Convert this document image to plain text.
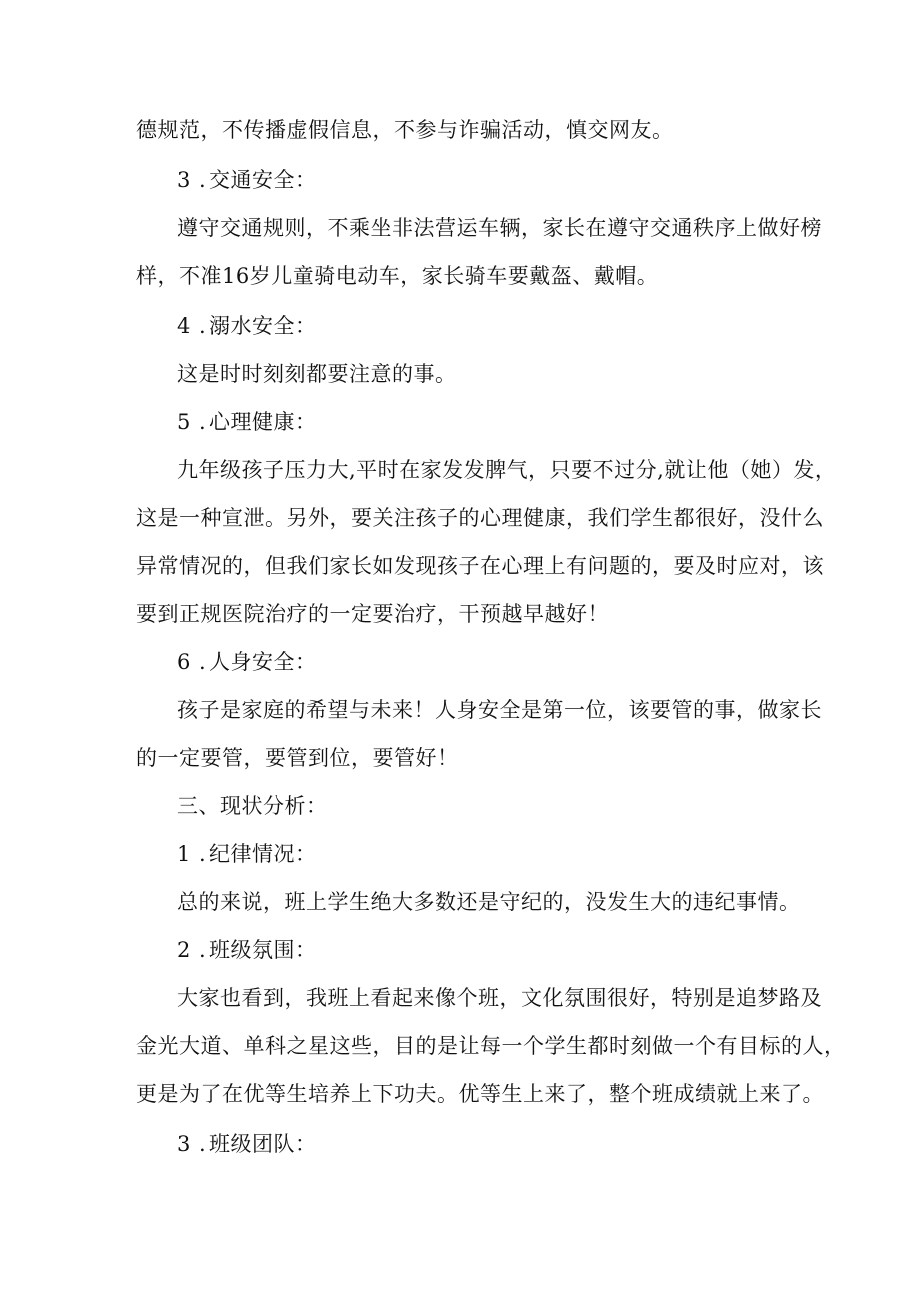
德规范，不传播虚假信息，不参与诈骗活动，慎交网友。

3 . 交通安全：

遵守交通规则，不乘坐非法营运车辆，家长在遵守交通秩序上做好榜

样，不准16岁儿童骑电动车，家长骑车要戴盔、戴帽。

4 . 溺水安全：

这是时时刻刻都要注意的事。

5 . 心理健康：

九年级孩子压力大,平时在家发发脾气，只要不过分,就让他（她）发，

这是一种宣泄。另外，要关注孩子的心理健康，我们学生都很好，没什么

异常情况的，但我们家长如发现孩子在心理上有问题的，要及时应对，该

要到正规医院治疗的一定要治疗，干预越早越好！

6 . 人身安全：

孩子是家庭的希望与未来！人身安全是第一位，该要管的事，做家长

的一定要管，要管到位，要管好！

三、现状分析：

1 . 纪律情况：

总的来说，班上学生绝大多数还是守纪的，没发生大的违纪事情。

2 . 班级氛围：

大家也看到，我班上看起来像个班，文化氛围很好，特别是追梦路及

金光大道、单科之星这些，目的是让每一个学生都时刻做一个有目标的人，

更是为了在优等生培养上下功夫。优等生上来了，整个班成绩就上来了。

3 . 班级团队：
